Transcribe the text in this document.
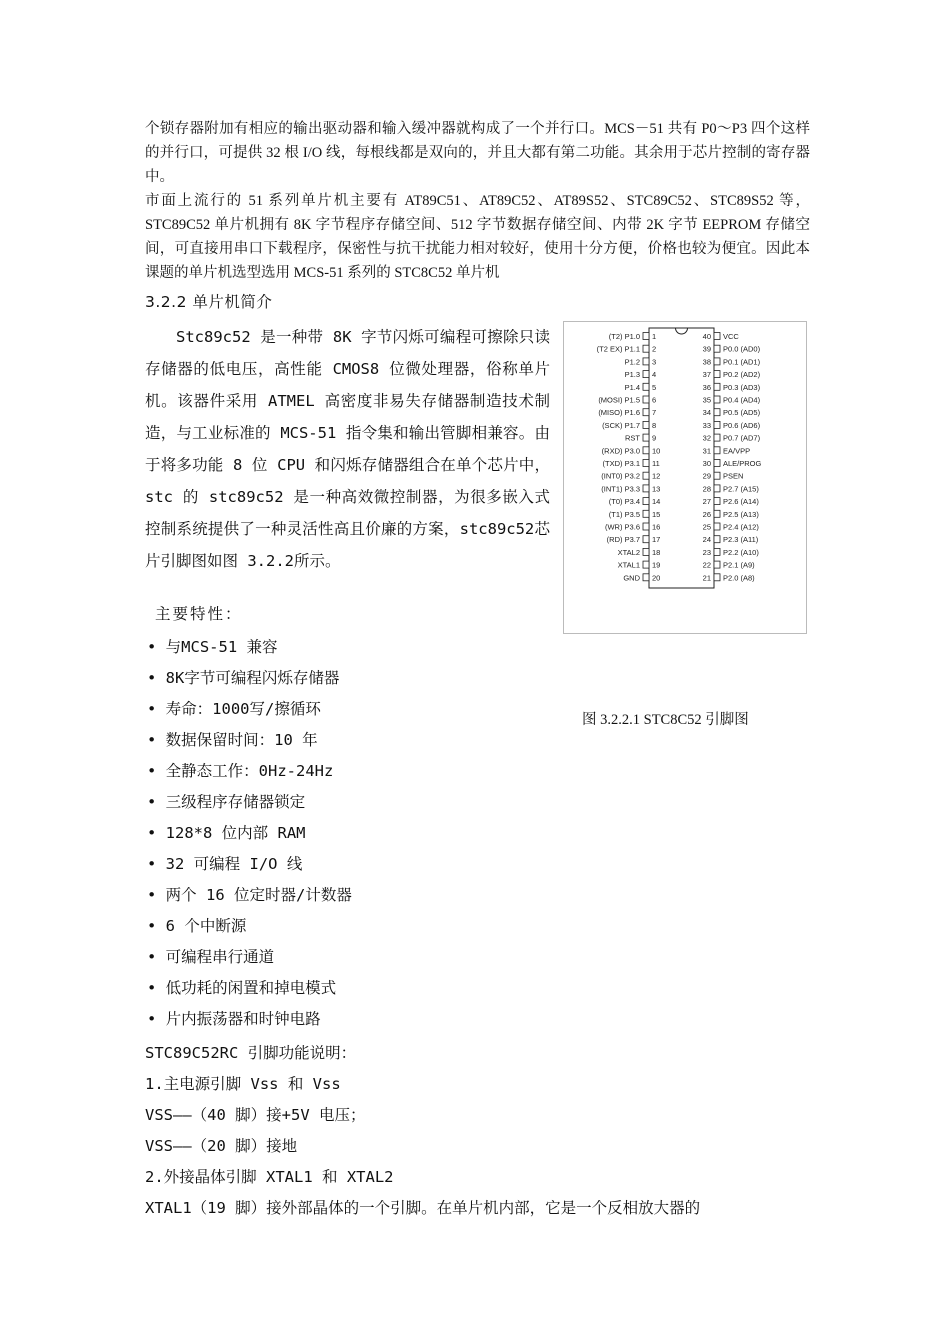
个锁存器附加有相应的输出驱动器和输入缓冲器就构成了一个并行口。MCS－51 共有 P0～P3 四个这样的并行口，可提供 32 根 I/O 线，每根线都是双向的，并且大都有第二功能。其余用于芯片控制的寄存器中。

市面上流行的 51 系列单片机主要有 AT89C51、AT89C52、AT89S52、STC89C52、STC89S52 等，STC89C52 单片机拥有 8K 字节程序存储空间、512 字节数据存储空间、内带 2K 字节 EEPROM 存储空间，可直接用串口下载程序，保密性与抗干扰能力相对较好，使用十分方便，价格也较为便宜。因此本课题的单片机选型选用 MCS-51 系列的 STC8C52 单片机

3.2.2 单片机简介

Stc89c52 是一种带 8K 字节闪烁可编程可擦除只读存储器的低电压，高性能 CMOS8 位微处理器，俗称单片机。该器件采用 ATMEL 高密度非易失存储器制造技术制造，与工业标准的 MCS-51 指令集和输出管脚相兼容。由于将多功能 8 位 CPU 和闪烁存储器组合在单个芯片中，stc 的 stc89c52 是一种高效微控制器，为很多嵌入式控制系统提供了一种灵活性高且价廉的方案，stc89c52芯片引脚图如图 3.2.2所示。

(T2) P1.0 1
(T2 EX) P1.1 2
P1.2 3
P1.3 4
P1.4 5
(MOSI) P1.5 6
(MISO) P1.6 7
(SCK) P1.7 8
RST 9
(RXD) P3.0 10
(TXD) P3.1 11
(INT0) P3.2 12
(INT1) P3.3 13
(T0) P3.4 14
(T1) P3.5 15
(WR) P3.6 16
(RD) P3.7 17
XTAL2 18
XTAL1 19
GND 20
40 VCC
39 P0.0 (AD0)
38 P0.1 (AD1)
37 P0.2 (AD2)
36 P0.3 (AD3)
35 P0.4 (AD4)
34 P0.5 (AD5)
33 P0.6 (AD6)
32 P0.7 (AD7)
31 EA/VPP
30 ALE/PROG
29 PSEN
28 P2.7 (A15)
27 P2.6 (A14)
26 P2.5 (A13)
25 P2.4 (A12)
24 P2.3 (A11)
23 P2.2 (A10)
22 P2.1 (A9)
21 P2.0 (A8)
图 3.2.2.1 STC8C52 引脚图
主要特性：
• 与MCS-51 兼容
• 8K字节可编程闪烁存储器
• 寿命：1000写/擦循环
• 数据保留时间：10 年
• 全静态工作：0Hz-24Hz
• 三级程序存储器锁定
• 128*8 位内部 RAM
• 32 可编程 I/O 线
• 两个 16 位定时器/计数器
• 6 个中断源
• 可编程串行通道
• 低功耗的闲置和掉电模式
• 片内振荡器和时钟电路
STC89C52RC 引脚功能说明：
1.主电源引脚 Vss 和 Vss
VSS——（40 脚）接+5V 电压；
VSS——（20 脚）接地
2.外接晶体引脚 XTAL1 和 XTAL2
XTAL1（19 脚）接外部晶体的一个引脚。在单片机内部，它是一个反相放大器的
